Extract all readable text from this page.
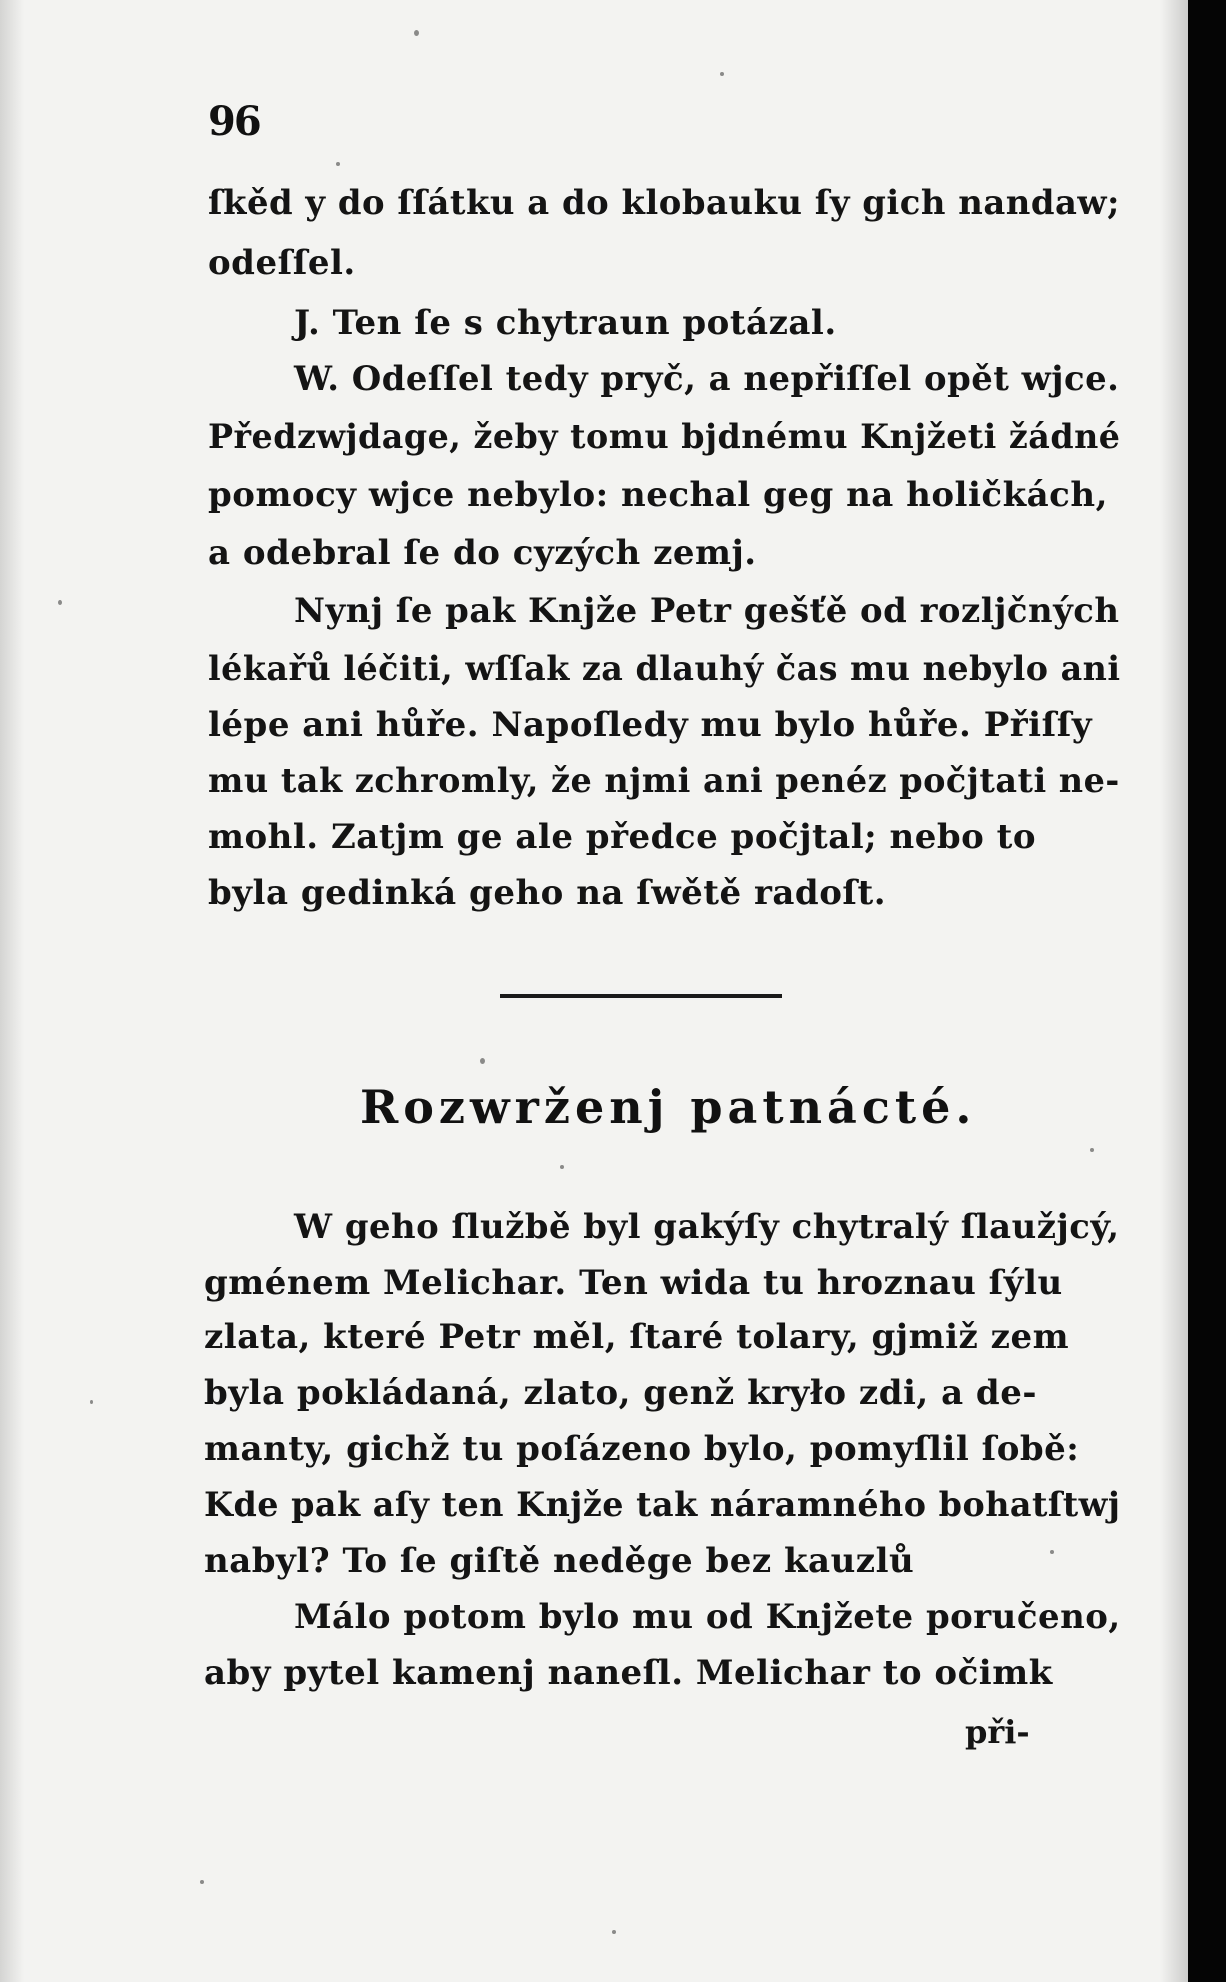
96
ſkěd y do ſſátku a do klobauku ſy gich nandaw;
odeſſel.
J. Ten ſe s chytraun potázal.
W. Odeſſel tedy pryč, a nepřiſſel opět wjce.
Předzwjdage, žeby tomu bjdnému Knjžeti žádné
pomocy wjce nebylo: nechal geg na holičkách,
a odebral ſe do cyzých zemj.
Nynj ſe pak Knjže Petr gešťě od rozljčných
lékařů léčiti, wſſak za dlauhý čas mu nebylo ani
lépe ani hůře. Napoſledy mu bylo hůře. Přiſſy
mu tak zchromly, že njmi ani penéz počjtati ne-
mohl. Zatjm ge ale předce počjtal; nebo to
byla gedinká geho na ſwětě radoſt.
Rozwrženj patnácté.
W geho ſlužbě byl gakýſy chytralý ſlaužjcý,
gménem Melichar. Ten wida tu hroznau ſýlu
zlata, které Petr měl, ſtaré tolary, gjmiž zem
byla pokládaná, zlato, genž kryło zdi, a de-
manty, gichž tu poſázeno bylo, pomyſlil ſobě:
Kde pak aſy ten Knjže tak náramného bohatſtwj
nabyl? To ſe giſtě neděge bez kauzlů
Málo potom bylo mu od Knjžete poručeno,
aby pytel kamenj naneſl. Melichar to očimk
při-
